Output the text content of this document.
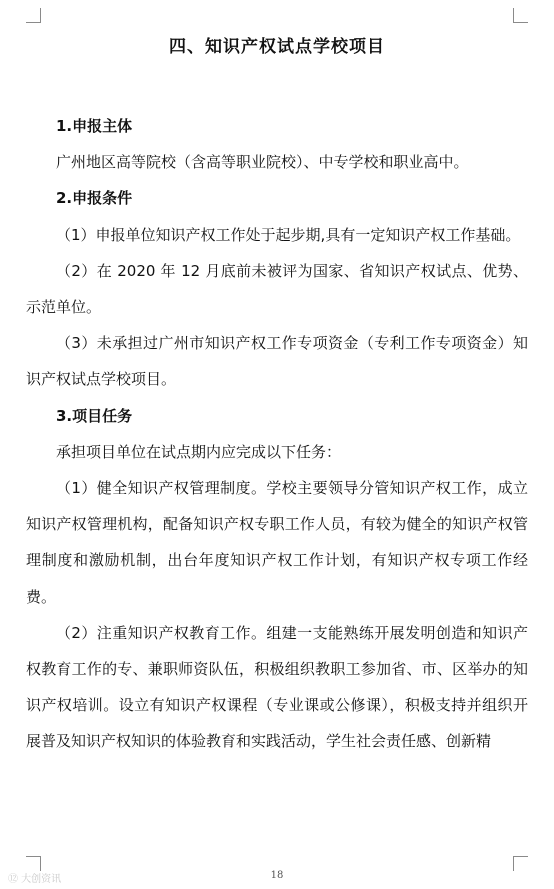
四、知识产权试点学校项目

1.申报主体

广州地区高等院校（含高等职业院校）、中专学校和职业高中。

2.申报条件

（1）申报单位知识产权工作处于起步期,具有一定知识产权工作基础。

（2）在 2020 年 12 月底前未被评为国家、省知识产权试点、优势、示范单位。

（3）未承担过广州市知识产权工作专项资金（专利工作专项资金）知识产权试点学校项目。

3.项目任务

承担项目单位在试点期内应完成以下任务：

（1）健全知识产权管理制度。学校主要领导分管知识产权工作，成立知识产权管理机构，配备知识产权专职工作人员，有较为健全的知识产权管理制度和激励机制，出台年度知识产权工作计划，有知识产权专项工作经费。

（2）注重知识产权教育工作。组建一支能熟练开展发明创造和知识产权教育工作的专、兼职师资队伍，积极组织教职工参加省、市、区举办的知识产权培训。设立有知识产权课程（专业课或公修课），积极支持并组织开展普及知识产权知识的体验教育和实践活动，学生社会责任感、创新精

⑫ 大创资讯	18
